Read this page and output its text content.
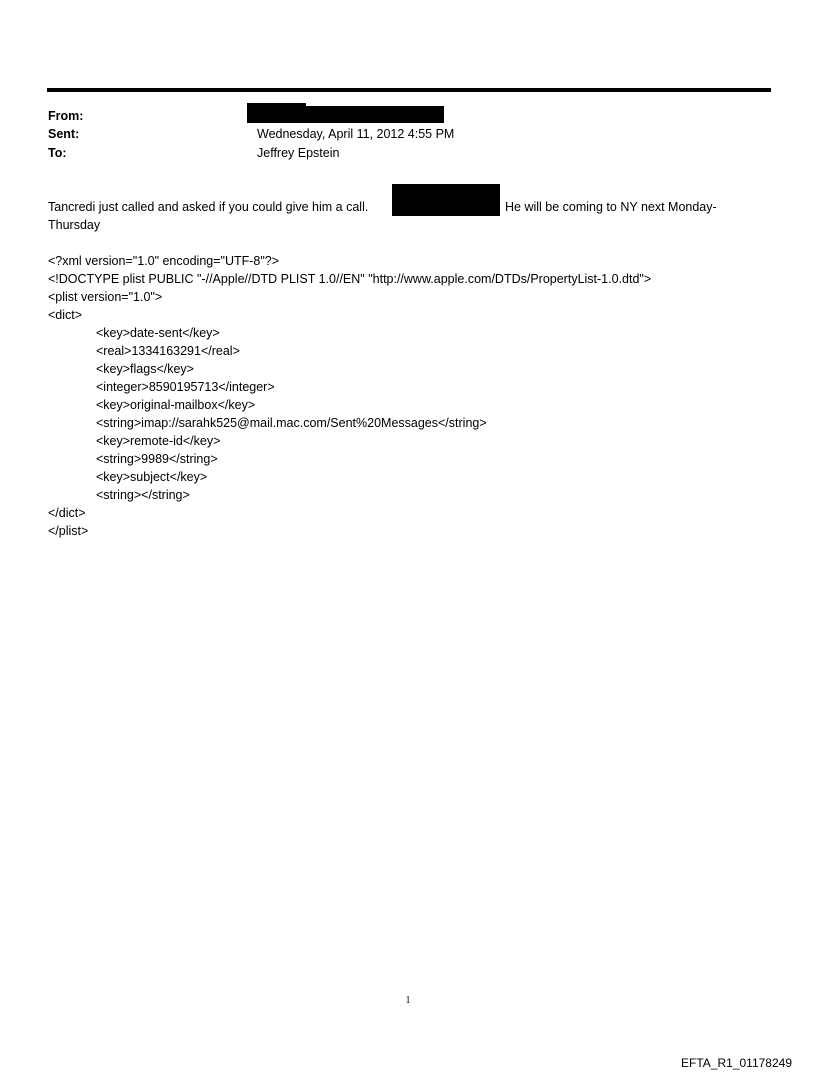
From:
Sent:	Wednesday, April 11, 2012 4:55 PM
To:	Jeffrey Epstein
Tancredi just called and asked if you could give him a call.	He will be coming to NY next Monday-
Thursday
<?xml version="1.0" encoding="UTF-8"?>
<!DOCTYPE plist PUBLIC "-//Apple//DTD PLIST 1.0//EN" "http://www.apple.com/DTDs/PropertyList-1.0.dtd">
<plist version="1.0">
<dict>
<key>date-sent</key>
<real>1334163291</real>
<key>flags</key>
<integer>8590195713</integer>
<key>original-mailbox</key>
<string>imap://sarahk525@mail.mac.com/Sent%20Messages</string>
<key>remote-id</key>
<string>9989</string>
<key>subject</key>
<string></string>
</dict>
</plist>
1
EFTA_R1_01178249
